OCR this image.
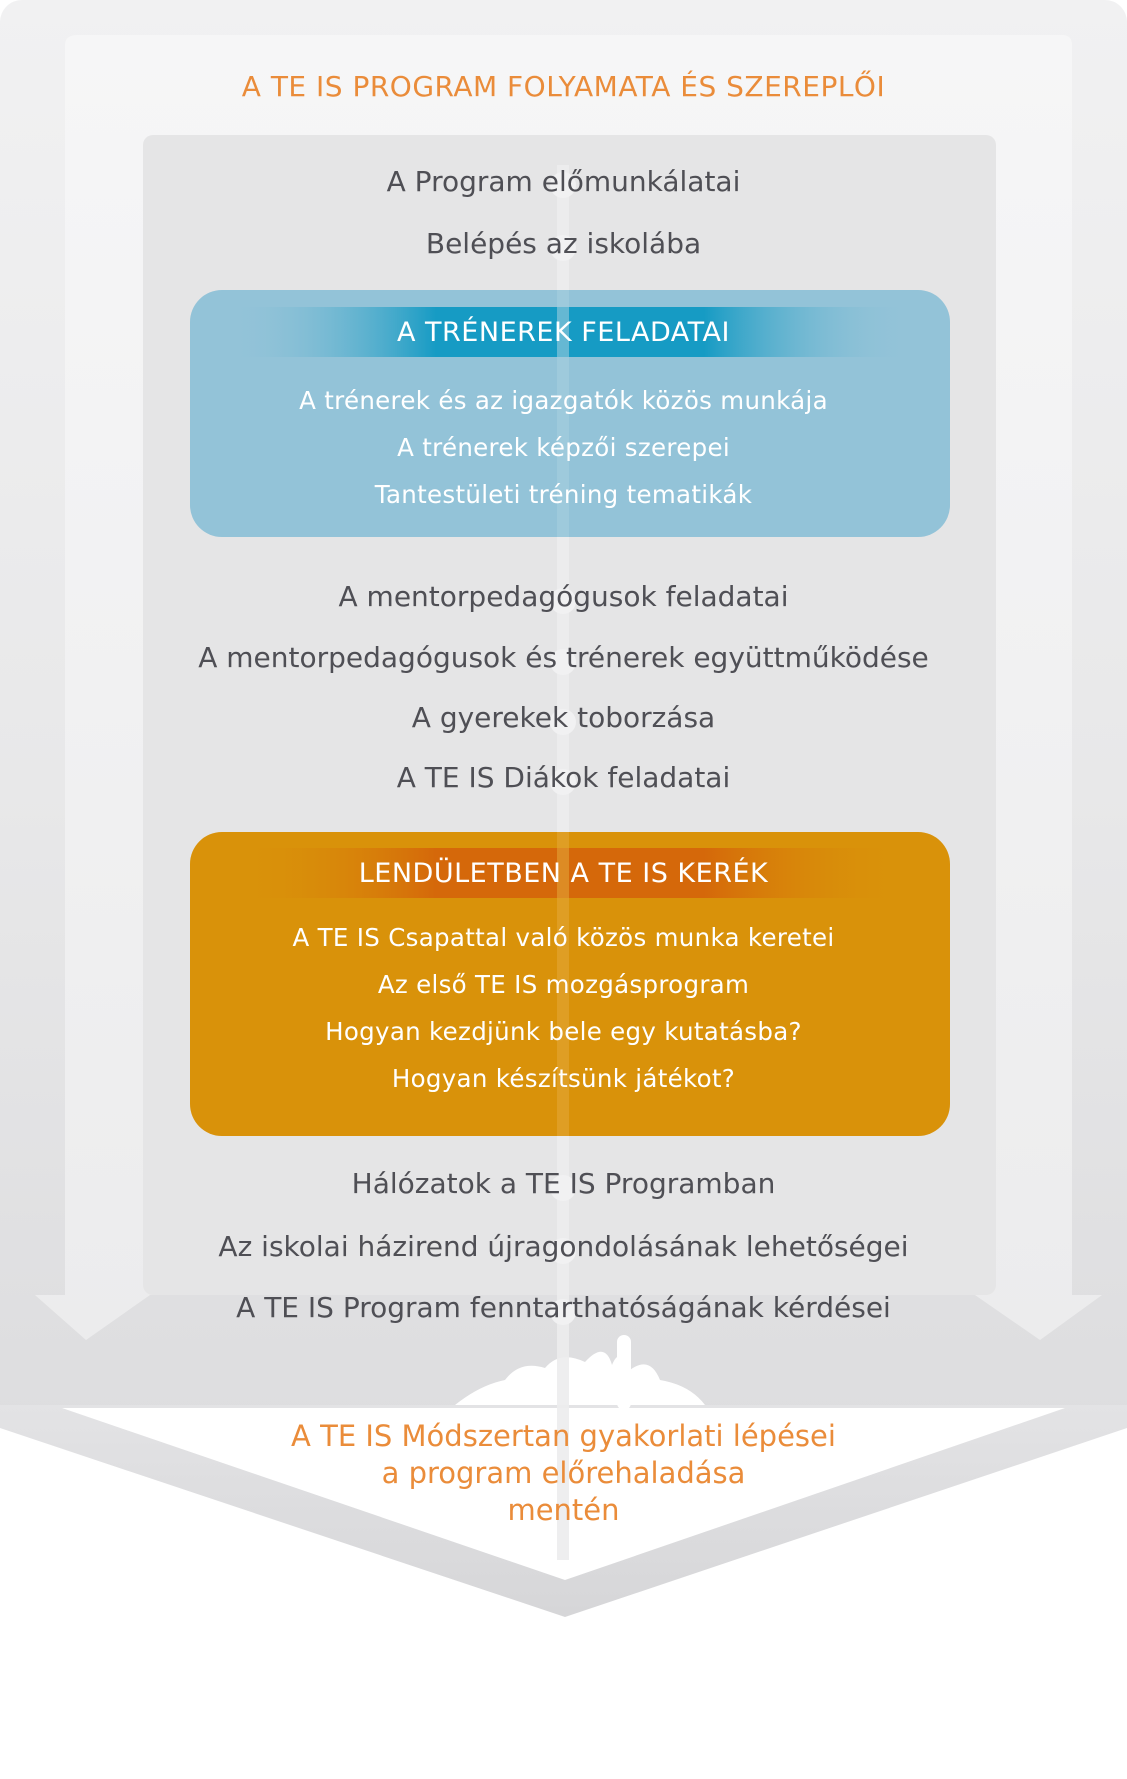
A TE IS PROGRAM FOLYAMATA ÉS SZEREPLŐI
A Program előmunkálatai
Belépés az iskolába
A TRÉNEREK FELADATAI
A trénerek és az igazgatók közös munkája
A trénerek képzői szerepei
Tantestületi tréning tematikák
A mentorpedagógusok feladatai
A mentorpedagógusok és trénerek együttműködése
A gyerekek toborzása
A TE IS Diákok feladatai
LENDÜLETBEN A TE IS KERÉK
A TE IS Csapattal való közös munka keretei
Az első TE IS mozgásprogram
Hogyan kezdjünk bele egy kutatásba?
Hogyan készítsünk játékot?
Hálózatok a TE IS Programban
Az iskolai házirend újragondolásának lehetőségei
A TE IS Program fenntarthatóságának kérdései
A TE IS Módszertan gyakorlati lépései
a program előrehaladása
mentén
